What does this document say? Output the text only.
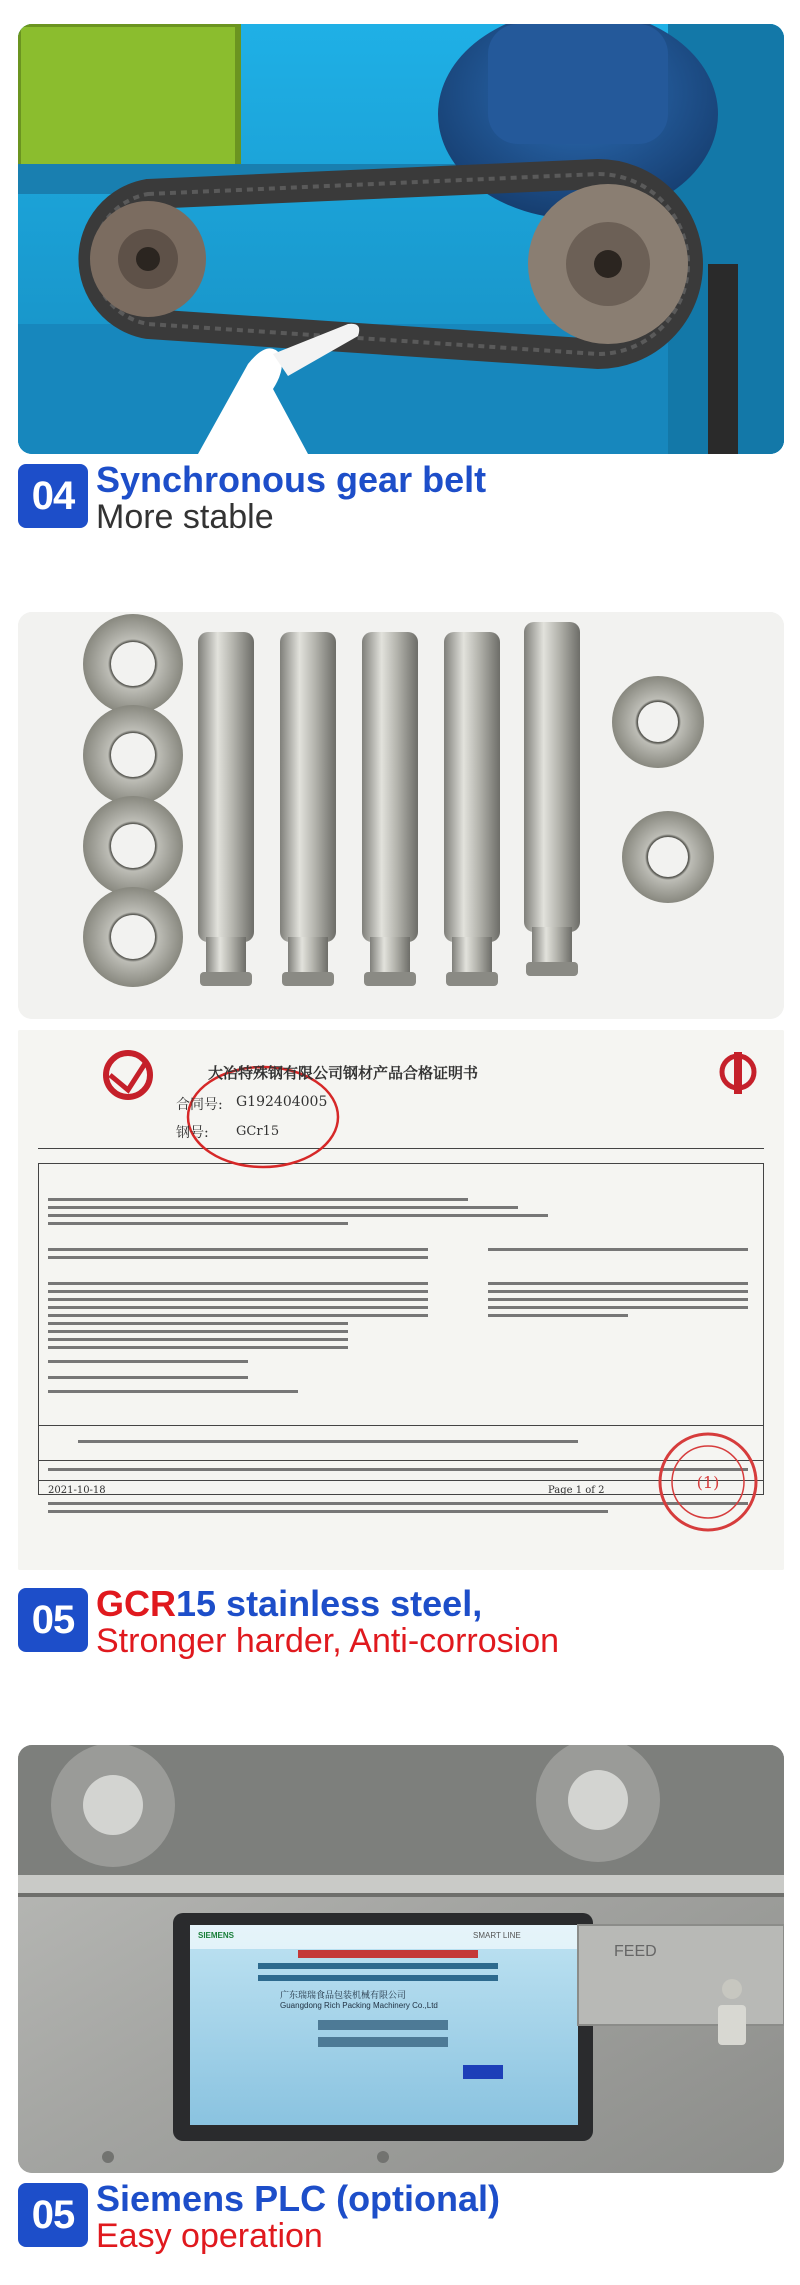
04 Synchronous gear belt
More stable
(1)
大冶特殊钢有限公司钢材产品合格证明书
合同号: G192404005
钢号: GCr15
2021-10-18	Page 1 of 2
05 GCR15 stainless steel,
Stronger harder, Anti-corrosion
SIEMENS	SMART LINE
FEED
广东瑞瑞食品包装机械有限公司
Guangdong Rich Packing Machinery Co.,Ltd
05 Siemens PLC (optional)
Easy operation
